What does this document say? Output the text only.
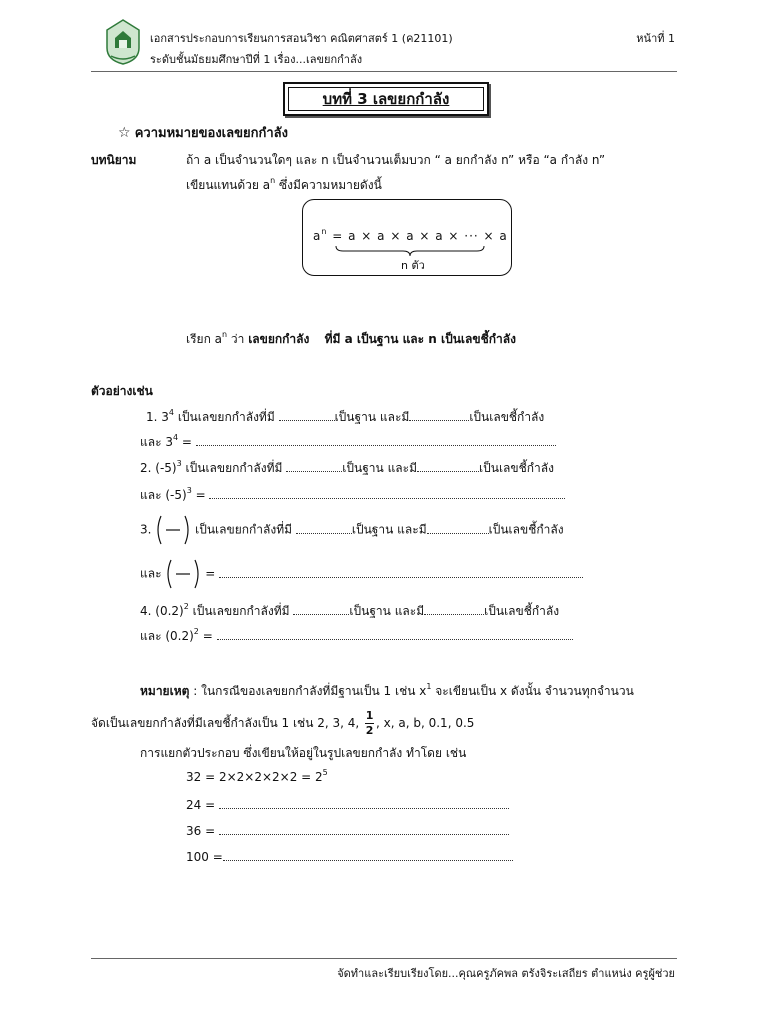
เอกสารประกอบการเรียนการสอนวิชา คณิตศาสตร์ 1 (ค21101)
ระดับชั้นมัธยมศึกษาปีที่ 1 เรื่อง...เลขยกกำลัง
หน้าที่ 1
บทที่ 3 เลขยกกำลัง
☆ ความหมายของเลขยกกำลัง
บทนิยาม	ถ้า a เป็นจำนวนใดๆ และ n เป็นจำนวนเต็มบวก “ a ยกกำลัง n” หรือ “a กำลัง n”
เขียนแทนด้วย $a^n$ ซึ่งมีความหมายดังนี้
$a^n = a \times a \times a \times a$ × ··· × a
n ตัว
เรียก $a^n$ ว่า เลขยกกำลัง ที่มี a เป็นฐาน และ n เป็นเลขชี้กำลัง
ตัวอย่างเช่น
1. $3^4$ เป็นเลขยกกำลังที่มี	เป็นฐาน และมี	เป็นเลขชี้กำลัง
และ $3^4$ =
2. $(-5)^3$ เป็นเลขยกกำลังที่มี	เป็นฐาน และมี	เป็นเลขชี้กำลัง
และ $(-5)^3$ =
3.	เป็นเลขยกกำลังที่มี	เป็นฐาน และมี	เป็นเลขชี้กำลัง
และ	=
4. $(0.2)^2$ เป็นเลขยกกำลังที่มี	เป็นฐาน และมี	เป็นเลขชี้กำลัง
และ $(0.2)^2$ =
หมายเหตุ : ในกรณีของเลขยกกำลังที่มีฐานเป็น 1 เช่น $x^1$ จะเขียนเป็น x ดังนั้น จำนวนทุกจำนวน
จัดเป็นเลขยกกำลังที่มีเลขชี้กำลังเป็น 1 เช่น 2, 3, 4, $\frac{1}{2}$ , x, a, b, 0.1, 0.5
การแยกตัวประกอบ ซึ่งเขียนให้อยู่ในรูปเลขยกกำลัง ทำโดย เช่น
$32 = 2\times 2\times 2\times 2\times 2 = 2^5$
24 =
36 =
100 =
จัดทำและเรียบเรียงโดย...คุณครูภัคพล ตรังจิระเสถียร ตำแหน่ง ครูผู้ช่วย
